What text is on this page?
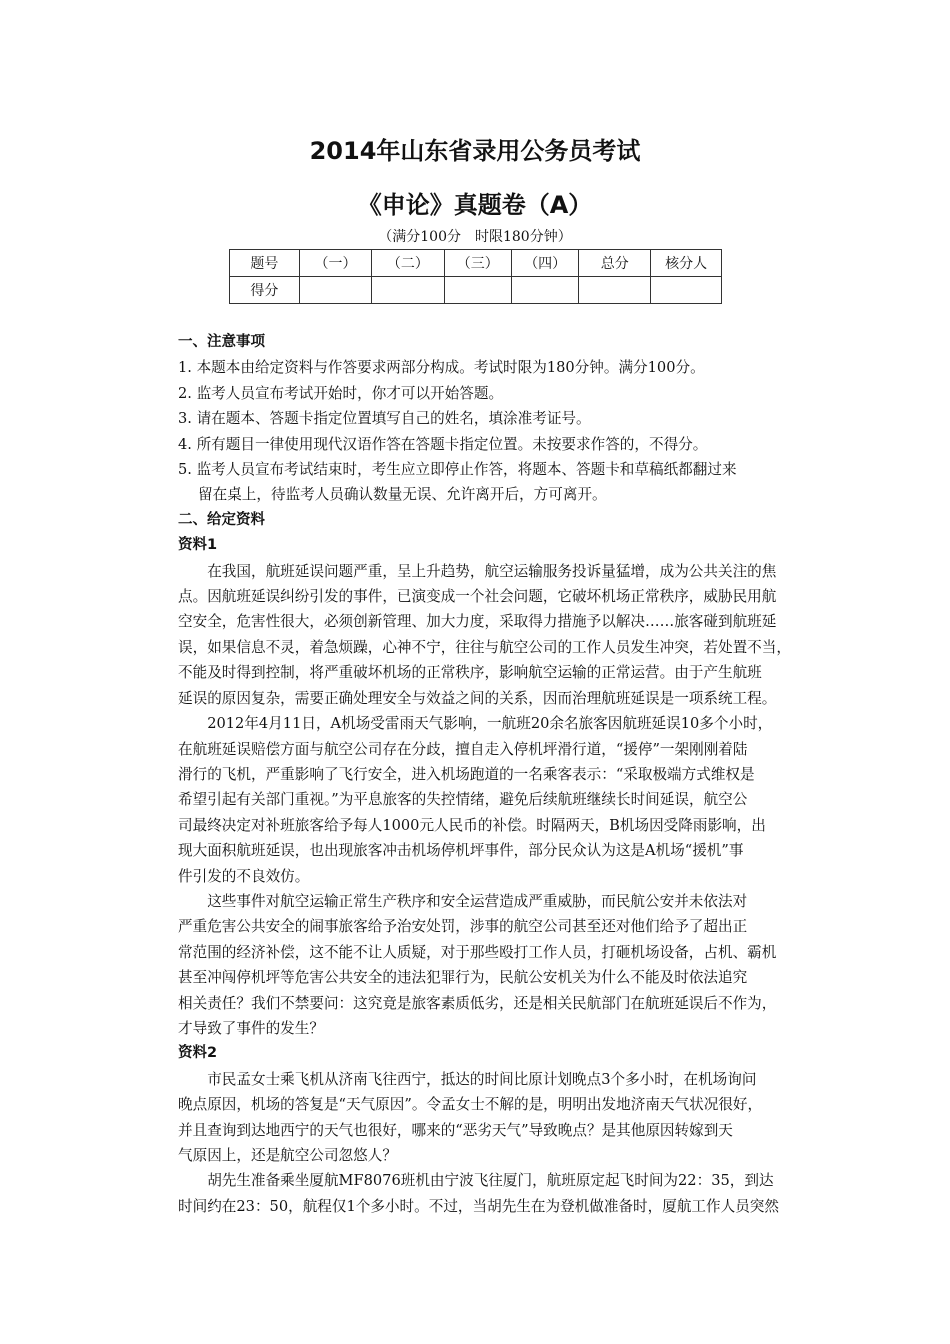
2014年山东省录用公务员考试
《申论》真题卷（A）
（满分100分　时限180分钟）
题号	（一）	（二）	（三）	（四）	总分	核分人
得分						
一、注意事项
1. 本题本由给定资料与作答要求两部分构成。考试时限为180分钟。满分100分。
2. 监考人员宣布考试开始时，你才可以开始答题。
3. 请在题本、答题卡指定位置填写自己的姓名，填涂准考证号。
4. 所有题目一律使用现代汉语作答在答题卡指定位置。未按要求作答的，不得分。
5. 监考人员宣布考试结束时，考生应立即停止作答，将题本、答题卡和草稿纸都翻过来
留在桌上，待监考人员确认数量无误、允许离开后，方可离开。
二、给定资料
资料1
　　在我国，航班延误问题严重，呈上升趋势，航空运输服务投诉量猛增，成为公共关注的焦
点。因航班延误纠纷引发的事件，已演变成一个社会问题，它破坏机场正常秩序，威胁民用航
空安全，危害性很大，必须创新管理、加大力度，采取得力措施予以解决……旅客碰到航班延
误，如果信息不灵，着急烦躁，心神不宁，往往与航空公司的工作人员发生冲突，若处置不当，
不能及时得到控制，将严重破坏机场的正常秩序，影响航空运输的正常运营。由于产生航班
延误的原因复杂，需要正确处理安全与效益之间的关系，因而治理航班延误是一项系统工程。
　　2012年4月11日，A机场受雷雨天气影响，一航班20余名旅客因航班延误10多个小时，
在航班延误赔偿方面与航空公司存在分歧，擅自走入停机坪滑行道，“援停”一架刚刚着陆
滑行的飞机，严重影响了飞行安全，进入机场跑道的一名乘客表示：“采取极端方式维权是
希望引起有关部门重视。”为平息旅客的失控情绪，避免后续航班继续长时间延误，航空公
司最终决定对补班旅客给予每人1000元人民币的补偿。时隔两天，B机场因受降雨影响，出
现大面积航班延误，也出现旅客冲击机场停机坪事件，部分民众认为这是A机场“援机”事
件引发的不良效仿。
　　这些事件对航空运输正常生产秩序和安全运营造成严重威胁，而民航公安并未依法对
严重危害公共安全的闹事旅客给予治安处罚，涉事的航空公司甚至还对他们给予了超出正
常范围的经济补偿，这不能不让人质疑，对于那些殴打工作人员，打砸机场设备，占机、霸机
甚至冲闯停机坪等危害公共安全的违法犯罪行为，民航公安机关为什么不能及时依法追究
相关责任？我们不禁要问：这究竟是旅客素质低劣，还是相关民航部门在航班延误后不作为，
才导致了事件的发生？
资料2
　　市民孟女士乘飞机从济南飞往西宁，抵达的时间比原计划晚点3个多小时，在机场询问
晚点原因，机场的答复是“天气原因”。令孟女士不解的是，明明出发地济南天气状况很好，
并且查询到达地西宁的天气也很好，哪来的“恶劣天气”导致晚点？是其他原因转嫁到天
气原因上，还是航空公司忽悠人？
　　胡先生准备乘坐厦航MF8076班机由宁波飞往厦门，航班原定起飞时间为22：35，到达
时间约在23：50，航程仅1个多小时。不过，当胡先生在为登机做准备时，厦航工作人员突然
